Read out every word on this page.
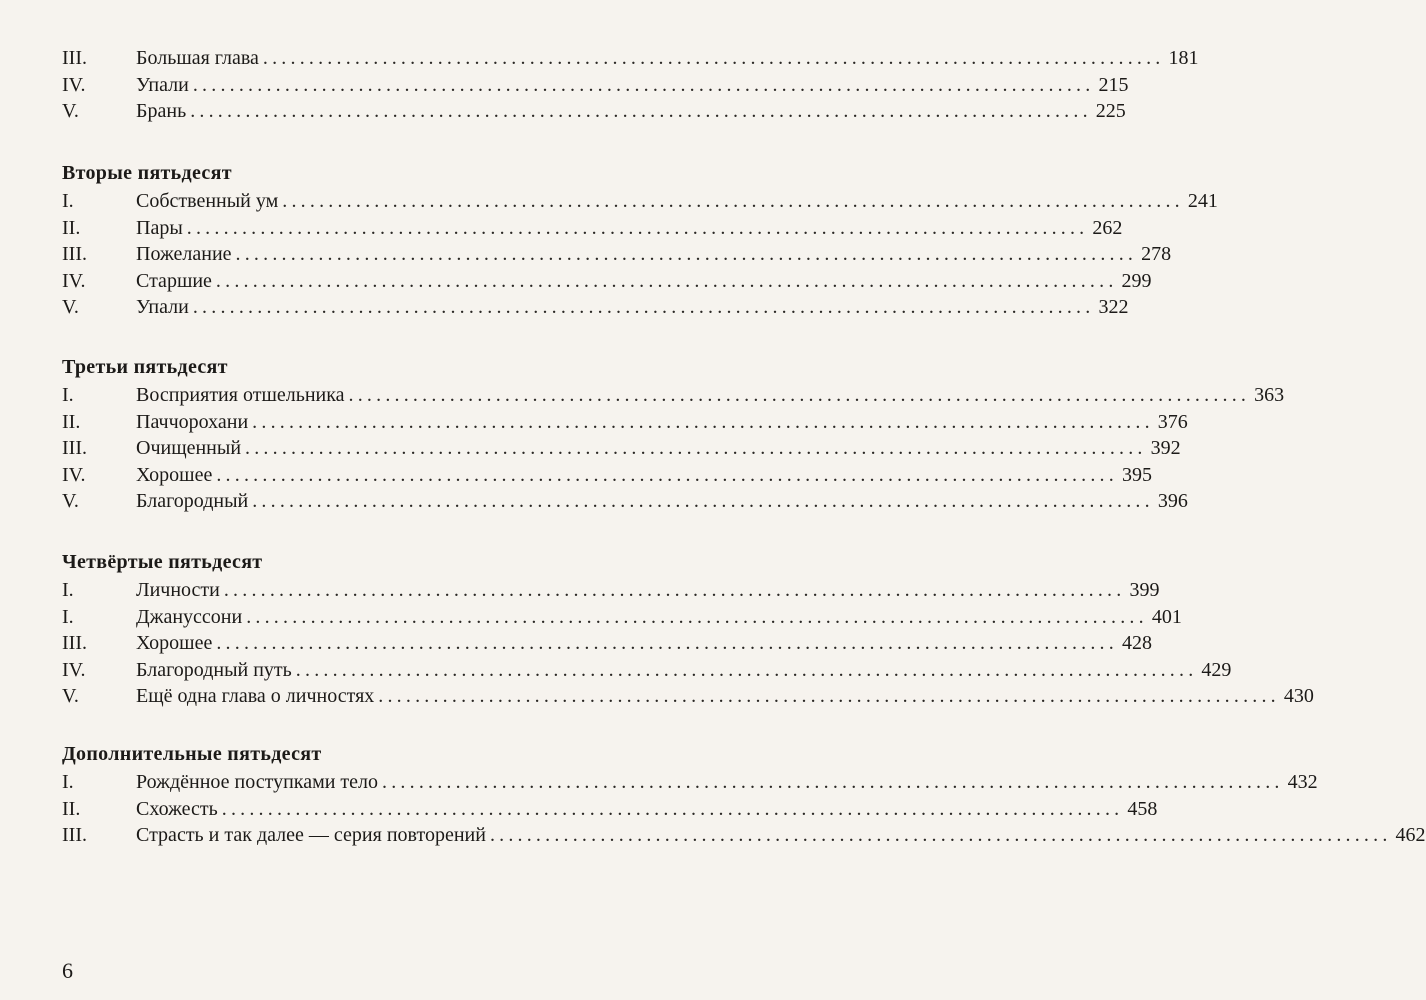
III.	Большая глава .................................................................................................. 181
IV.	Упали .................................................................................................. 215
V.	Брань .................................................................................................. 225
Вторые пятьдесят
I.	Собственный ум .................................................................................................. 241
II.	Пары .................................................................................................. 262
III.	Пожелание .................................................................................................. 278
IV.	Старшие .................................................................................................. 299
V.	Упали .................................................................................................. 322
Третьи пятьдесят
I.	Восприятия отшельника .................................................................................................. 363
II.	Паччорохани .................................................................................................. 376
III.	Очищенный .................................................................................................. 392
IV.	Хорошее .................................................................................................. 395
V.	Благородный .................................................................................................. 396
Четвёртые пятьдесят
I.	Личности .................................................................................................. 399
I.	Джанусcони .................................................................................................. 401
III.	Хорошее .................................................................................................. 428
IV.	Благородный путь .................................................................................................. 429
V.	Ещё одна глава о личностях .................................................................................................. 430
Дополнительные пятьдесят
I.	Рождённое поступками тело .................................................................................................. 432
II.	Схожесть .................................................................................................. 458
III.	Страсть и так далее — серия повторений .................................................................................................. 462
6
